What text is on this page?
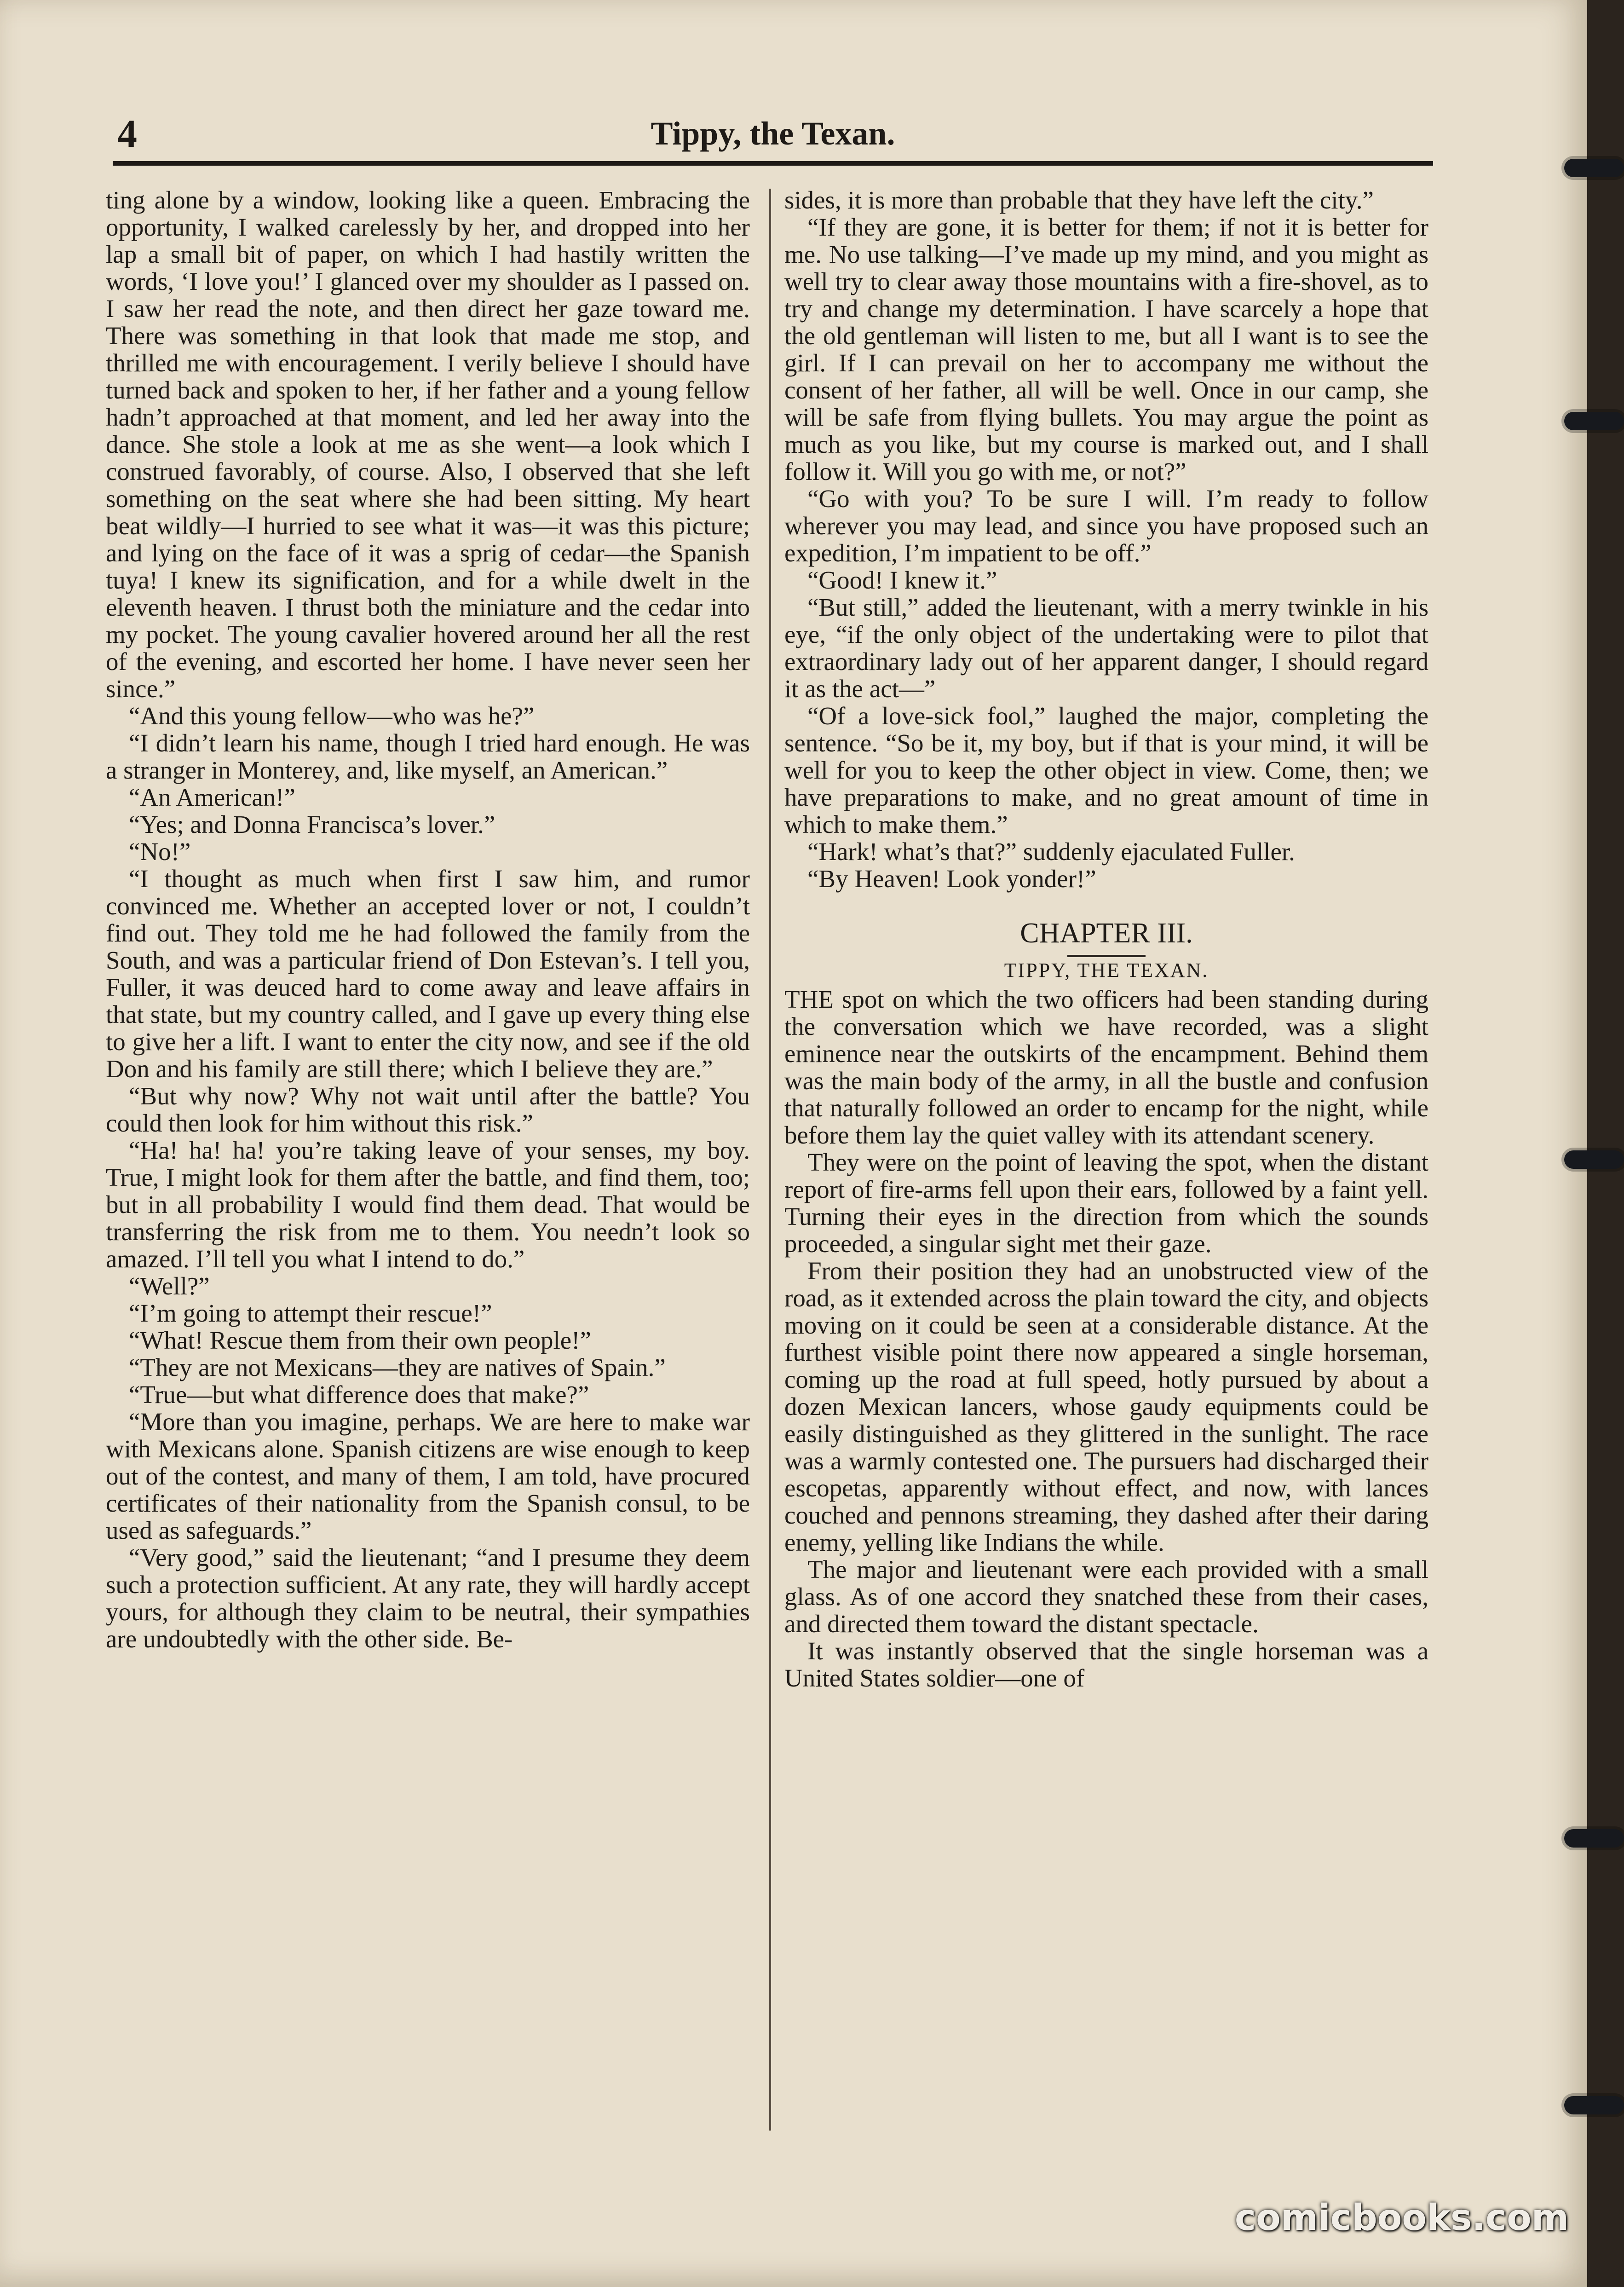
4	Tippy, the Texan.

ting alone by a window, looking like a queen. Embracing the opportunity, I walked carelessly by her, and dropped into her lap a small bit of paper, on which I had hastily written the words, ‘I love you!’ I glanced over my shoulder as I passed on. I saw her read the note, and then direct her gaze toward me. There was something in that look that made me stop, and thrilled me with encouragement. I verily believe I should have turned back and spoken to her, if her father and a young fellow hadn’t approached at that moment, and led her away into the dance. She stole a look at me as she went—a look which I construed favorably, of course. Also, I observed that she left something on the seat where she had been sitting. My heart beat wildly—I hurried to see what it was—it was this picture; and lying on the face of it was a sprig of cedar—the Spanish tuya! I knew its signification, and for a while dwelt in the eleventh heaven. I thrust both the miniature and the cedar into my pocket. The young cavalier hovered around her all the rest of the evening, and escorted her home. I have never seen her since.”

“And this young fellow—who was he?”

“I didn’t learn his name, though I tried hard enough. He was a stranger in Monterey, and, like myself, an American.”

“An American!”

“Yes; and Donna Francisca’s lover.”

“No!”

“I thought as much when first I saw him, and rumor convinced me. Whether an accepted lover or not, I couldn’t find out. They told me he had followed the family from the South, and was a particular friend of Don Estevan’s. I tell you, Fuller, it was deuced hard to come away and leave affairs in that state, but my country called, and I gave up every thing else to give her a lift. I want to enter the city now, and see if the old Don and his family are still there; which I believe they are.”

“But why now? Why not wait until after the battle? You could then look for him without this risk.”

“Ha! ha! ha! you’re taking leave of your senses, my boy. True, I might look for them after the battle, and find them, too; but in all probability I would find them dead. That would be transferring the risk from me to them. You needn’t look so amazed. I’ll tell you what I intend to do.”

“Well?”

“I’m going to attempt their rescue!”

“What! Rescue them from their own people!”

“They are not Mexicans—they are natives of Spain.”

“True—but what difference does that make?”

“More than you imagine, perhaps. We are here to make war with Mexicans alone. Spanish citizens are wise enough to keep out of the contest, and many of them, I am told, have procured certificates of their nationality from the Spanish consul, to be used as safeguards.”

“Very good,” said the lieutenant; “and I presume they deem such a protection sufficient. At any rate, they will hardly accept yours, for although they claim to be neutral, their sympathies are undoubtedly with the other side. Be-

sides, it is more than probable that they have left the city.”

“If they are gone, it is better for them; if not it is better for me. No use talking—I’ve made up my mind, and you might as well try to clear away those mountains with a fire-shovel, as to try and change my determination. I have scarcely a hope that the old gentleman will listen to me, but all I want is to see the girl. If I can prevail on her to accompany me without the consent of her father, all will be well. Once in our camp, she will be safe from flying bullets. You may argue the point as much as you like, but my course is marked out, and I shall follow it. Will you go with me, or not?”

“Go with you? To be sure I will. I’m ready to follow wherever you may lead, and since you have proposed such an expedition, I’m impatient to be off.”

“Good! I knew it.”

“But still,” added the lieutenant, with a merry twinkle in his eye, “if the only object of the undertaking were to pilot that extraordinary lady out of her apparent danger, I should regard it as the act—”

“Of a love-sick fool,” laughed the major, completing the sentence. “So be it, my boy, but if that is your mind, it will be well for you to keep the other object in view. Come, then; we have preparations to make, and no great amount of time in which to make them.”

“Hark! what’s that?” suddenly ejaculated Fuller.

“By Heaven! Look yonder!”

CHAPTER III.
TIPPY, THE TEXAN.

THE spot on which the two officers had been standing during the conversation which we have recorded, was a slight eminence near the outskirts of the encampment. Behind them was the main body of the army, in all the bustle and confusion that naturally followed an order to encamp for the night, while before them lay the quiet valley with its attendant scenery.

They were on the point of leaving the spot, when the distant report of fire-arms fell upon their ears, followed by a faint yell. Turning their eyes in the direction from which the sounds proceeded, a singular sight met their gaze.

From their position they had an unobstructed view of the road, as it extended across the plain toward the city, and objects moving on it could be seen at a considerable distance. At the furthest visible point there now appeared a single horseman, coming up the road at full speed, hotly pursued by about a dozen Mexican lancers, whose gaudy equipments could be easily distinguished as they glittered in the sunlight. The race was a warmly contested one. The pursuers had discharged their escopetas, apparently without effect, and now, with lances couched and pennons streaming, they dashed after their daring enemy, yelling like Indians the while.

The major and lieutenant were each provided with a small glass. As of one accord they snatched these from their cases, and directed them toward the distant spectacle.

It was instantly observed that the single horseman was a United States soldier—one of

comicbooks.com
